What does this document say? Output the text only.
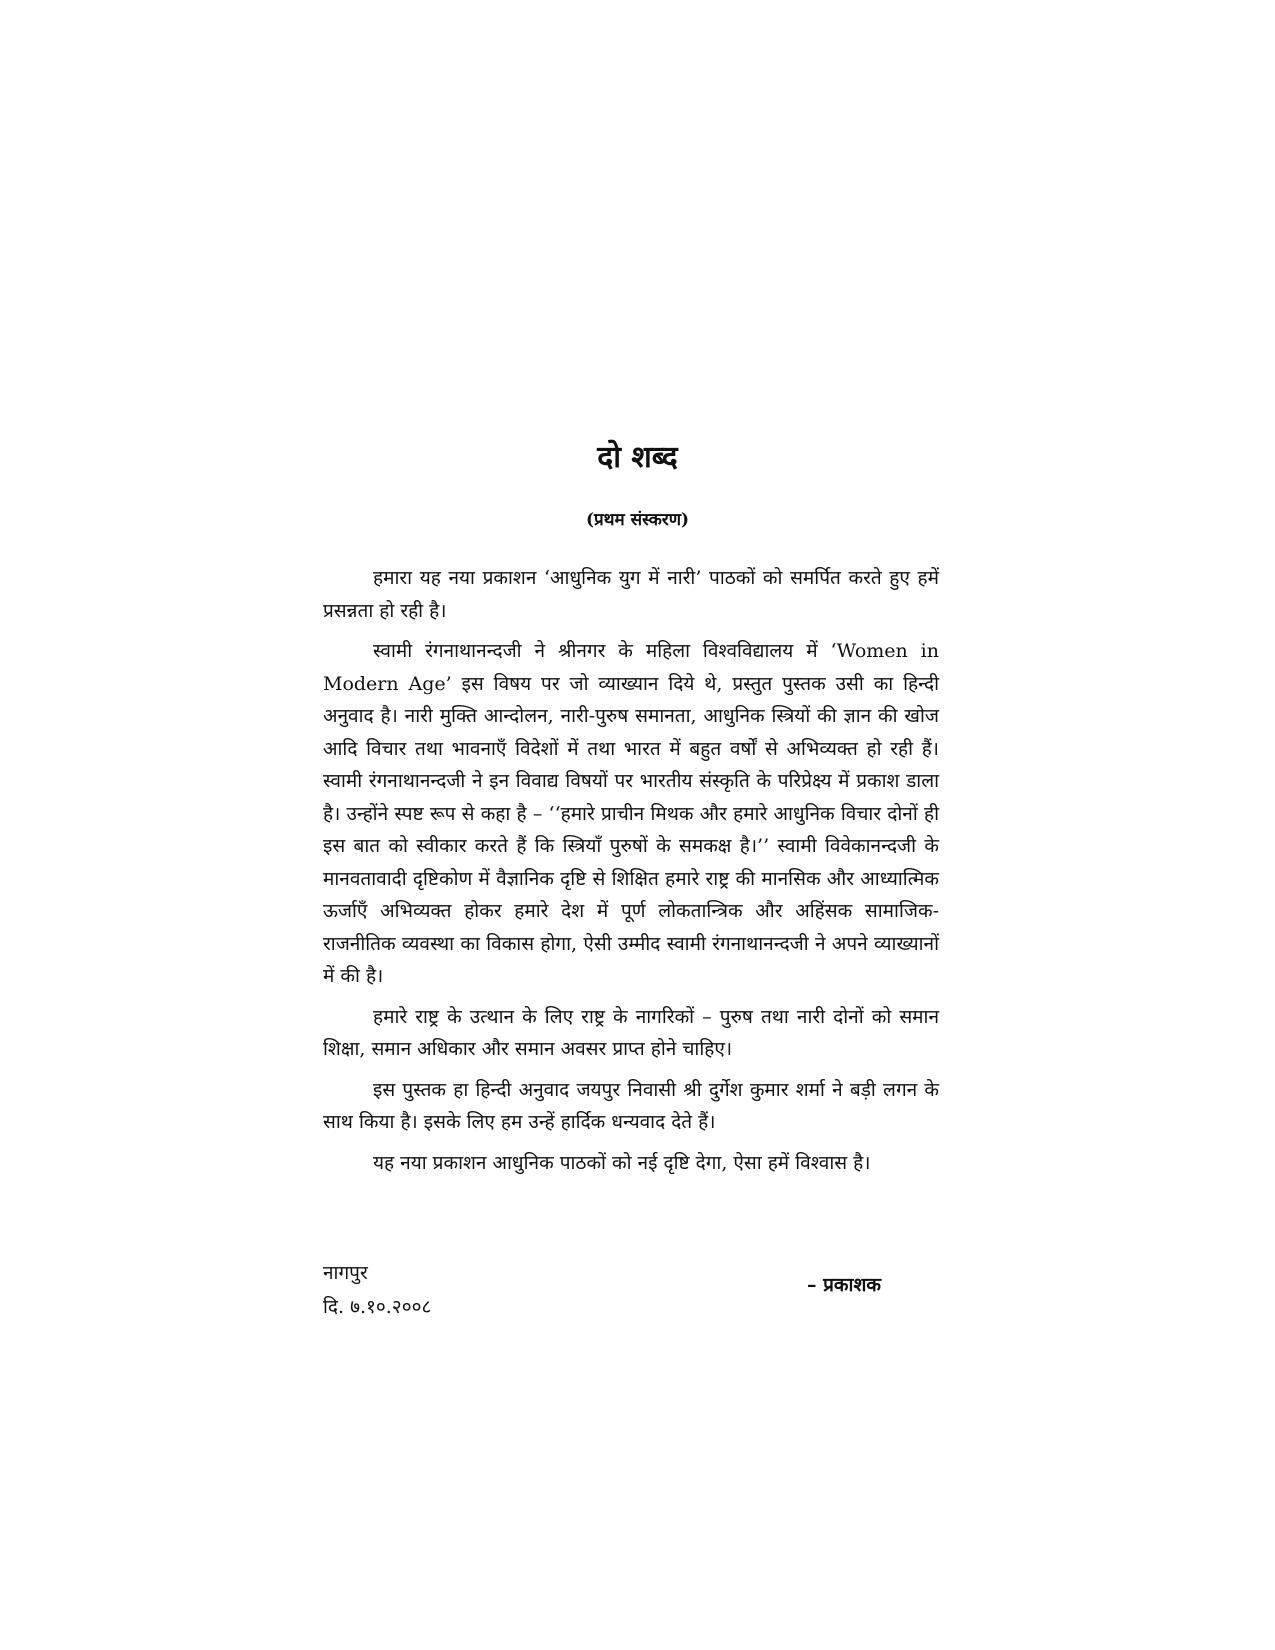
दो शब्द
(प्रथम संस्करण)

हमारा यह नया प्रकाशन ‘आधुनिक युग में नारी’ पाठकों को समर्पित करते हुए हमें प्रसन्नता हो रही है।

स्वामी रंगनाथानन्दजी ने श्रीनगर के महिला विश्वविद्यालय में ‘Women in Modern Age’ इस विषय पर जो व्याख्यान दिये थे, प्रस्तुत पुस्तक उसी का हिन्दी अनुवाद है। नारी मुक्ति आन्दोलन, नारी-पुरुष समानता, आधुनिक स्त्रियों की ज्ञान की खोज आदि विचार तथा भावनाएँ विदेशों में तथा भारत में बहुत वर्षों से अभिव्यक्त हो रही हैं। स्वामी रंगनाथानन्दजी ने इन विवाद्य विषयों पर भारतीय संस्कृति के परिप्रेक्ष्य में प्रकाश डाला है। उन्होंने स्पष्ट रूप से कहा है – ‘‘हमारे प्राचीन मिथक और हमारे आधुनिक विचार दोनों ही इस बात को स्वीकार करते हैं कि स्त्रियाँ पुरुषों के समकक्ष है।’’ स्वामी विवेकानन्दजी के मानवतावादी दृष्टिकोण में वैज्ञानिक दृष्टि से शिक्षित हमारे राष्ट्र की मानसिक और आध्यात्मिक ऊर्जाएँ अभिव्यक्त होकर हमारे देश में पूर्ण लोकतान्त्रिक और अहिंसक सामाजिक-राजनीतिक व्यवस्था का विकास होगा, ऐसी उम्मीद स्वामी रंगनाथानन्दजी ने अपने व्याख्यानों में की है।

हमारे राष्ट्र के उत्थान के लिए राष्ट्र के नागरिकों – पुरुष तथा नारी दोनों को समान शिक्षा, समान अधिकार और समान अवसर प्राप्त होने चाहिए।

इस पुस्तक हा हिन्दी अनुवाद जयपुर निवासी श्री दुर्गेश कुमार शर्मा ने बड़ी लगन के साथ किया है। इसके लिए हम उन्हें हार्दिक धन्यवाद देते हैं।

यह नया प्रकाशन आधुनिक पाठकों को नई दृष्टि देगा, ऐसा हमें विश्वास है।

नागपुर

दि. ७.१०.२००८

– प्रकाशक
